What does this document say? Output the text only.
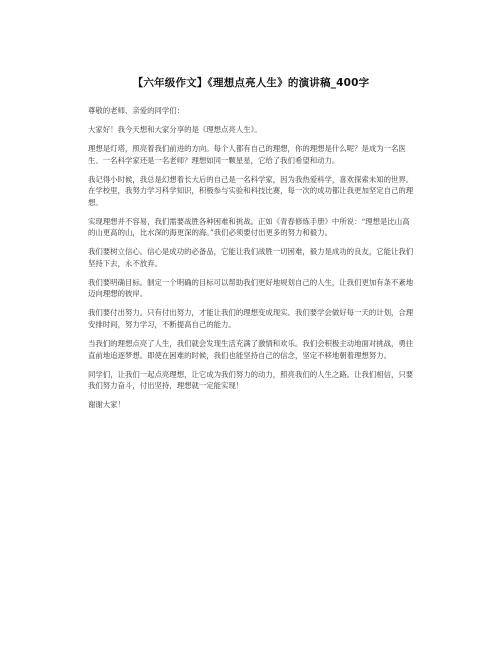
【六年级作文】《理想点亮人生》的演讲稿_400字

尊敬的老师、亲爱的同学们：

大家好！我今天想和大家分享的是《理想点亮人生》。

理想是灯塔，照亮着我们前进的方向。每个人都有自己的理想，你的理想是什么呢？是成为一名医生、一名科学家还是一名老师？理想如同一颗星星，它给了我们希望和动力。

我记得小时候，我总是幻想着长大后的自己是一名科学家，因为我热爱科学，喜欢探索未知的世界。在学校里，我努力学习科学知识，积极参与实验和科技比赛，每一次的成功都让我更加坚定自己的理想。

实现理想并不容易，我们需要战胜各种困难和挑战。正如《青春修炼手册》中所说：“理想是比山高的山更高的山，比水深的海更深的海。”我们必须要付出更多的努力和毅力。

我们要树立信心。信心是成功的必备品，它能让我们战胜一切困难，毅力是成功的良友，它能让我们坚持下去，永不放弃。

我们要明确目标。制定一个明确的目标可以帮助我们更好地规划自己的人生，让我们更加有条不紊地迈向理想的彼岸。

我们要付出努力。只有付出努力，才能让我们的理想变成现实。我们要学会做好每一天的计划，合理安排时间，努力学习，不断提高自己的能力。

当我们的理想点亮了人生，我们就会发现生活充满了激情和欢乐。我们会积极主动地面对挑战，勇往直前地追逐梦想。即使在困难的时候，我们也能坚持自己的信念，坚定不移地朝着理想努力。

同学们，让我们一起点亮理想，让它成为我们努力的动力，照亮我们的人生之路。让我们相信，只要我们努力奋斗，付出坚持，理想就一定能实现！

谢谢大家！
